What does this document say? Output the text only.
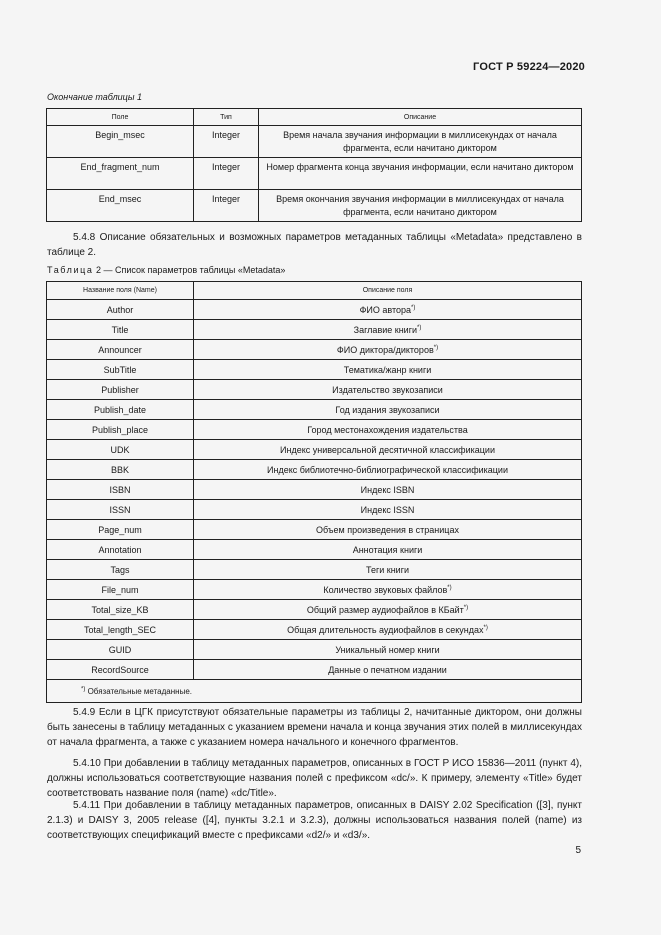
ГОСТ Р 59224—2020
Окончание таблицы 1
Поле	Тип	Описание
Begin_msec	Integer	Время начала звучания информации в миллисекундах от начала фрагмента, если начитано диктором
End_fragment_num	Integer	Номер фрагмента конца звучания информации, если начитано диктором
End_msec	Integer	Время окончания звучания информации в миллисекундах от начала фрагмента, если начитано диктором
5.4.8 Описание обязательных и возможных параметров метаданных таблицы «Metadata» представлено в таблице 2.
Таблица 2 — Список параметров таблицы «Metadata»
Название поля (Name)	Описание поля
Author	ФИО автора*)
Title	Заглавие книги*)
Announcer	ФИО диктора/дикторов*)
SubTitle	Тематика/жанр книги
Publisher	Издательство звукозаписи
Publish_date	Год издания звукозаписи
Publish_place	Город местонахождения издательства
UDK	Индекс универсальной десятичной классификации
BBK	Индекс библиотечно-библиографической классификации
ISBN	Индекс ISBN
ISSN	Индекс ISSN
Page_num	Объем произведения в страницах
Annotation	Аннотация книги
Tags	Теги книги
File_num	Количество звуковых файлов*)
Total_size_KB	Общий размер аудиофайлов в КБайт*)
Total_length_SEC	Общая длительность аудиофайлов в секундах*)
GUID	Уникальный номер книги
RecordSource	Данные о печатном издании
*) Обязательные метаданные.	
5.4.9 Если в ЦГК присутствуют обязательные параметры из таблицы 2, начитанные диктором, они должны быть занесены в таблицу метаданных с указанием времени начала и конца звучания этих полей в миллисекундах от начала фрагмента, а также с указанием номера начального и конечного фрагментов.
5.4.10 При добавлении в таблицу метаданных параметров, описанных в ГОСТ Р ИСО 15836—2011 (пункт 4), должны использоваться соответствующие названия полей с префиксом «dc/». К примеру, элементу «Title» будет соответствовать название поля (name) «dc/Title».
5.4.11 При добавлении в таблицу метаданных параметров, описанных в DAISY 2.02 Specification ([3], пункт 2.1.3) и DAISY 3, 2005 release ([4], пункты 3.2.1 и 3.2.3), должны использоваться названия полей (name) из соответствующих спецификаций вместе с префиксами «d2/» и «d3/».
5
